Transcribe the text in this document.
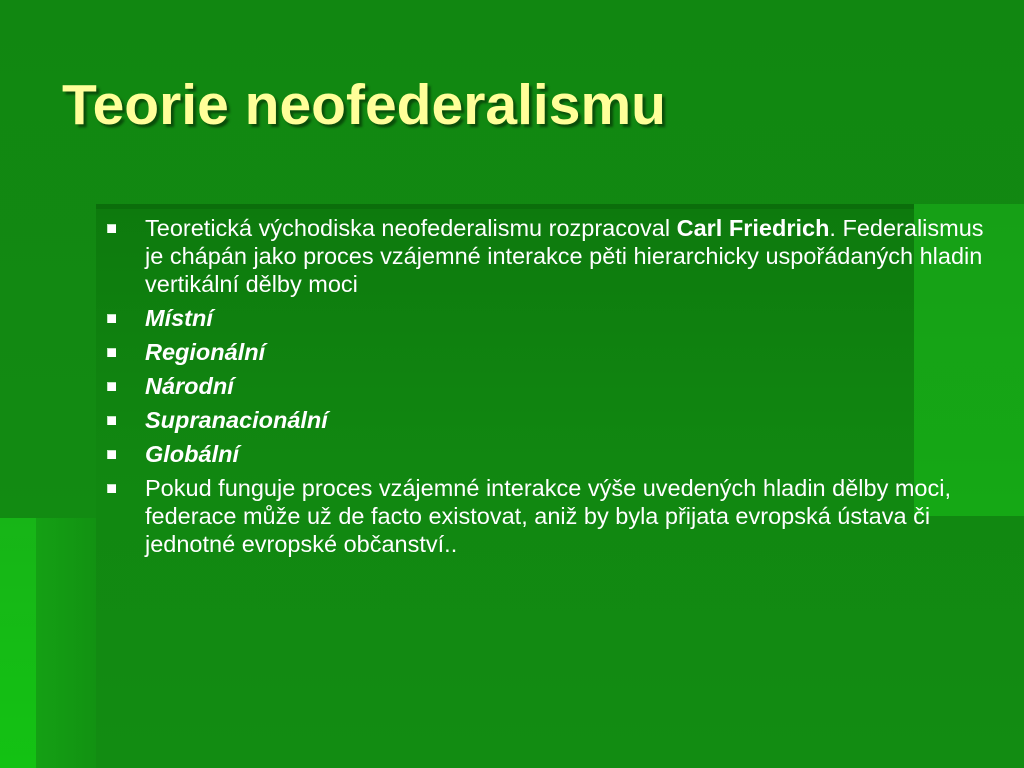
Teorie neofederalismu
Teoretická východiska neofederalismu rozpracoval Carl Friedrich. Federalismus je chápán jako proces vzájemné interakce pěti hierarchicky uspořádaných hladin vertikální dělby moci
Místní
Regionální
Národní
Supranacionální
Globální
Pokud funguje proces vzájemné interakce výše uvedených hladin dělby moci, federace může už de facto existovat, aniž by byla přijata evropská ústava či jednotné evropské občanství..
